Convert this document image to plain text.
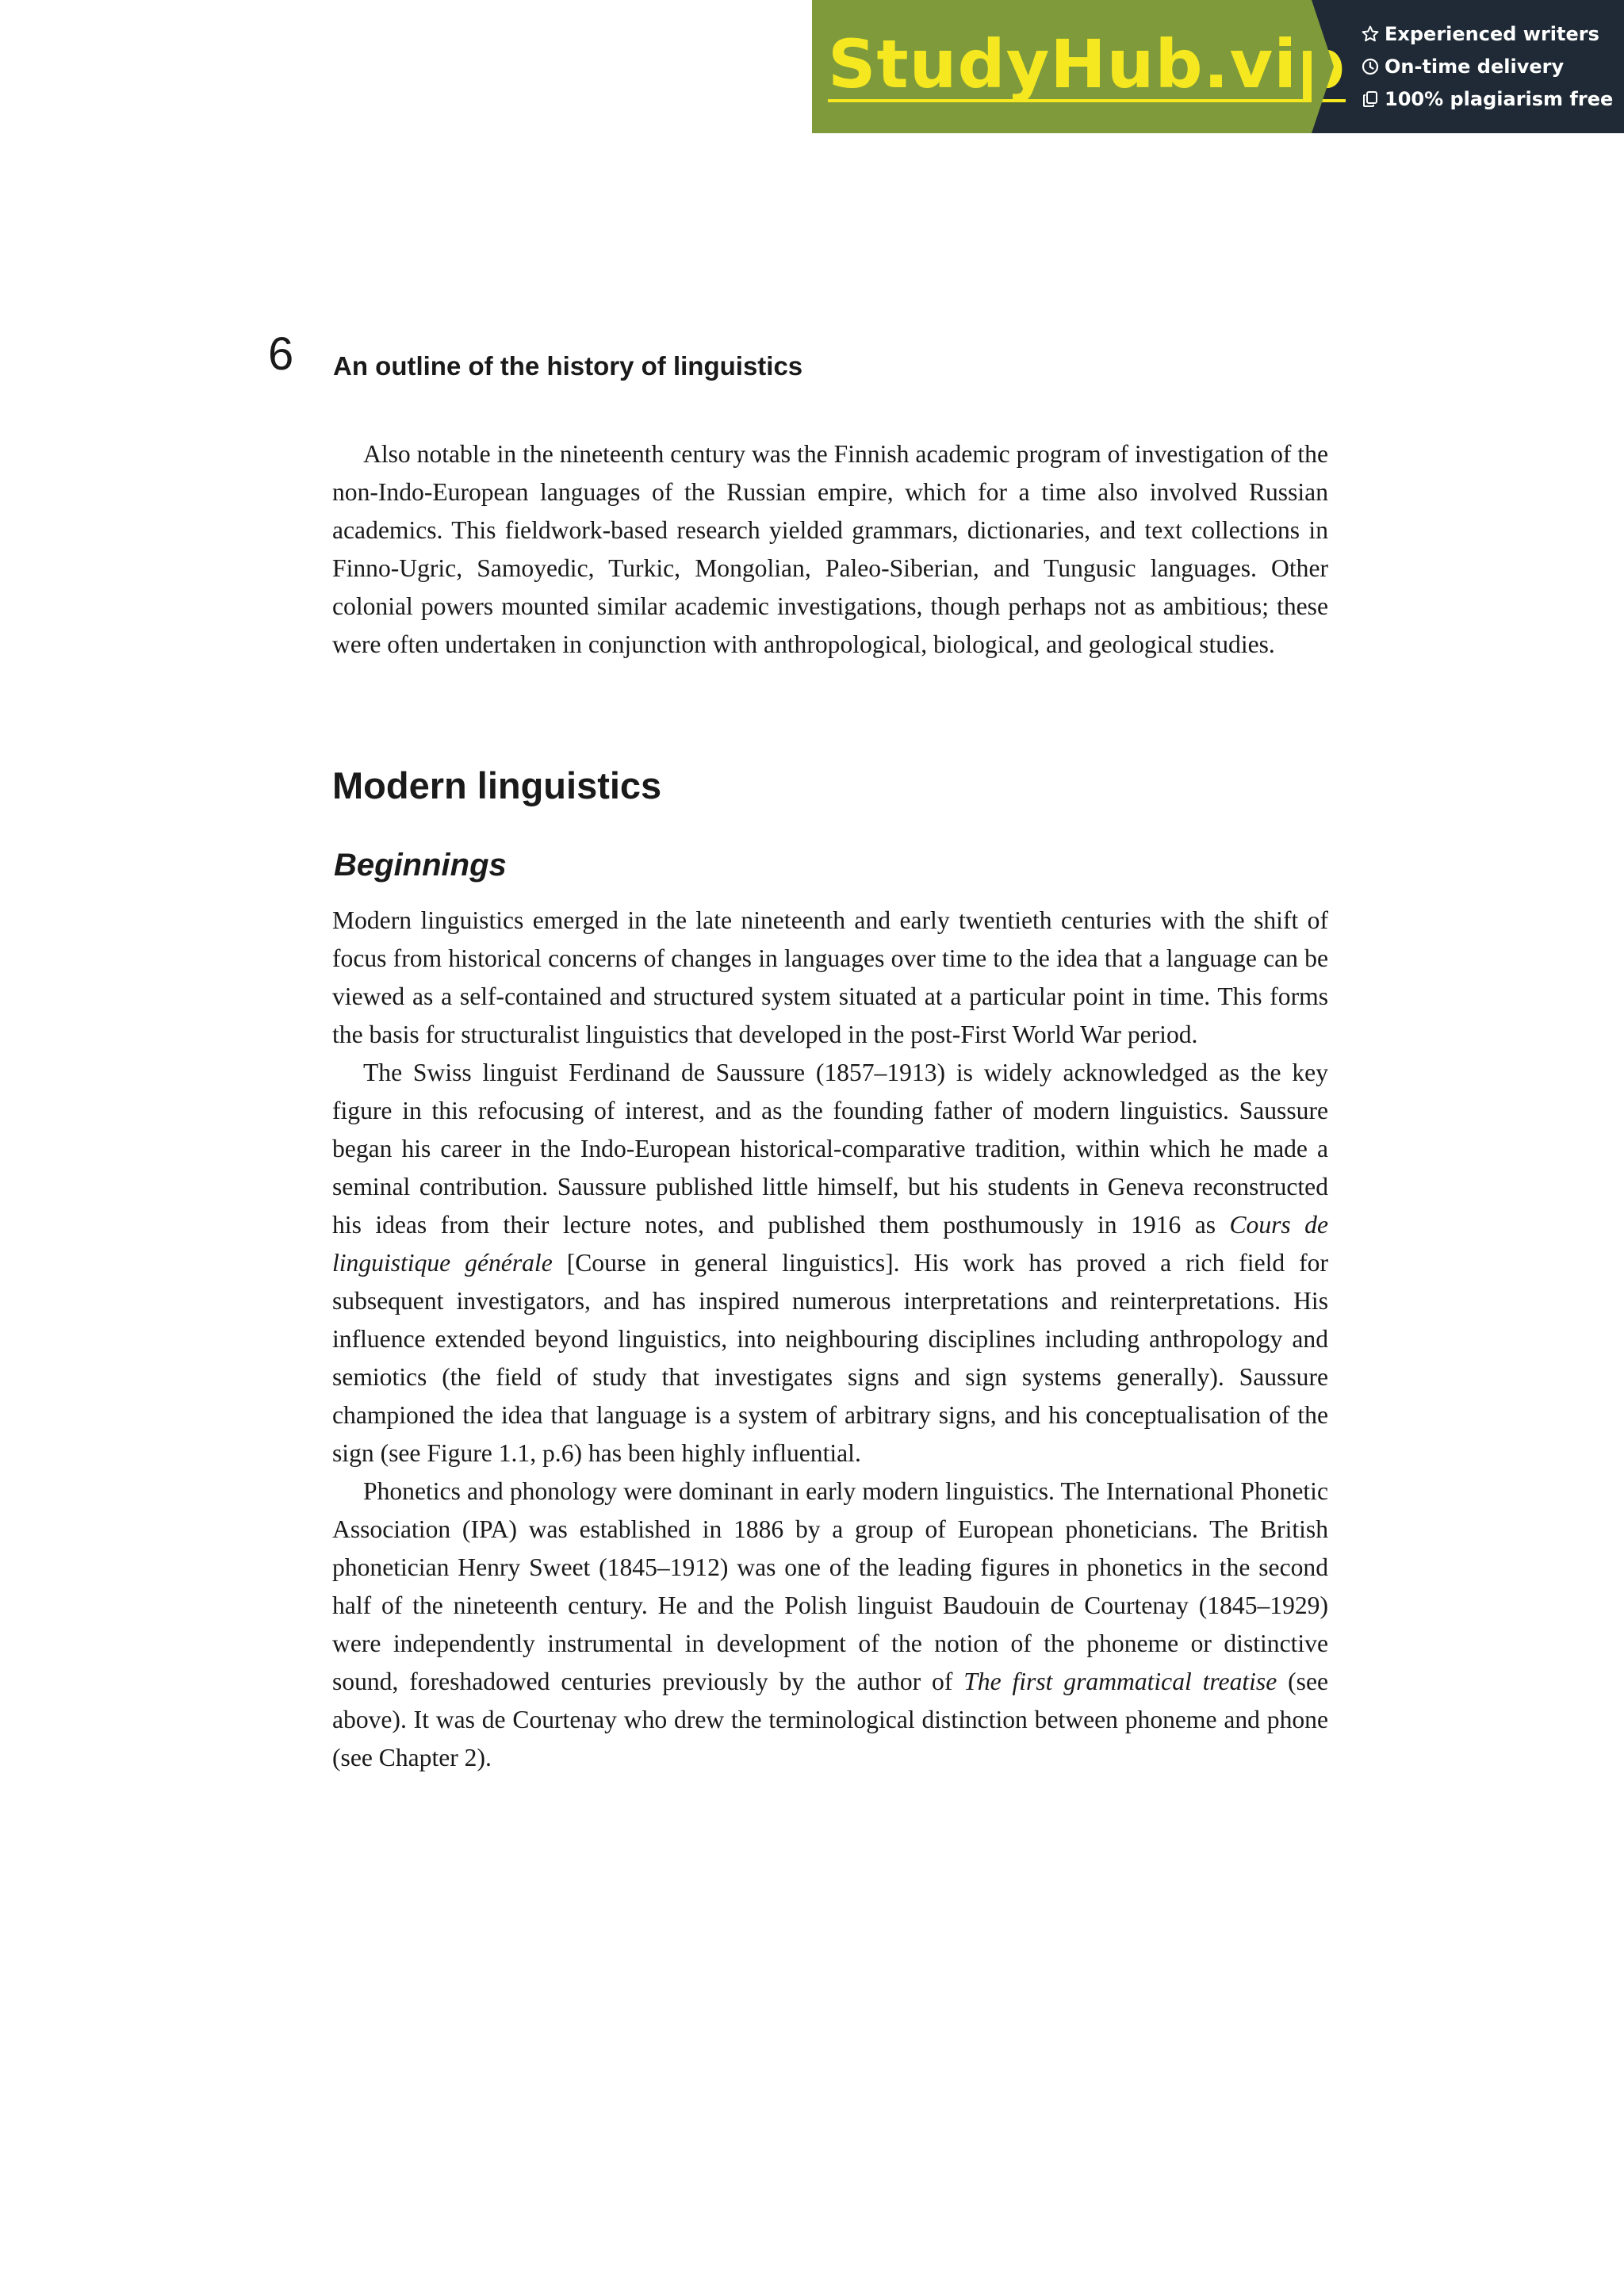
StudyHub.vip Experienced writers
On-time delivery
100% plagiarism free
6 An outline of the history of linguistics

Also notable in the nineteenth century was the Finnish academic program of investigation of the non-Indo-European languages of the Russian empire, which for a time also involved Russian academics. This fieldwork-based research yielded grammars, dictionaries, and text collections in Finno-Ugric, Samoyedic, Turkic, Mongolian, Paleo-Siberian, and Tungusic languages. Other colonial powers mounted similar academic investigations, though perhaps not as ambitious; these were often undertaken in conjunction with anthropological, biological, and geological studies.

Modern linguistics
Beginnings

Modern linguistics emerged in the late nineteenth and early twentieth centuries with the shift of focus from historical concerns of changes in languages over time to the idea that a language can be viewed as a self-contained and structured system situated at a particular point in time. This forms the basis for structuralist linguistics that developed in the post-First World War period.

The Swiss linguist Ferdinand de Saussure (1857–1913) is widely acknowledged as the key figure in this refocusing of interest, and as the founding father of modern linguistics. Saussure began his career in the Indo-European historical-comparative tradition, within which he made a seminal contribution. Saussure published little himself, but his students in Geneva reconstructed his ideas from their lecture notes, and published them posthumously in 1916 as Cours de linguistique générale [Course in general linguistics]. His work has proved a rich field for subsequent investigators, and has inspired numerous interpretations and reinterpretations. His influence extended beyond linguistics, into neighbouring disciplines including anthropology and semiotics (the field of study that investigates signs and sign systems generally). Saussure championed the idea that language is a system of arbitrary signs, and his conceptualisation of the sign (see Figure 1.1, p.6) has been highly influential.

Phonetics and phonology were dominant in early modern linguistics. The International Phonetic Association (IPA) was established in 1886 by a group of European phoneticians. The British phonetician Henry Sweet (1845–1912) was one of the leading figures in phonetics in the second half of the nineteenth century. He and the Polish linguist Baudouin de Courtenay (1845–1929) were independently instrumental in development of the notion of the phoneme or distinctive sound, foreshadowed centuries previously by the author of The first grammatical treatise (see above). It was de Courtenay who drew the terminological distinction between phoneme and phone (see Chapter 2).
